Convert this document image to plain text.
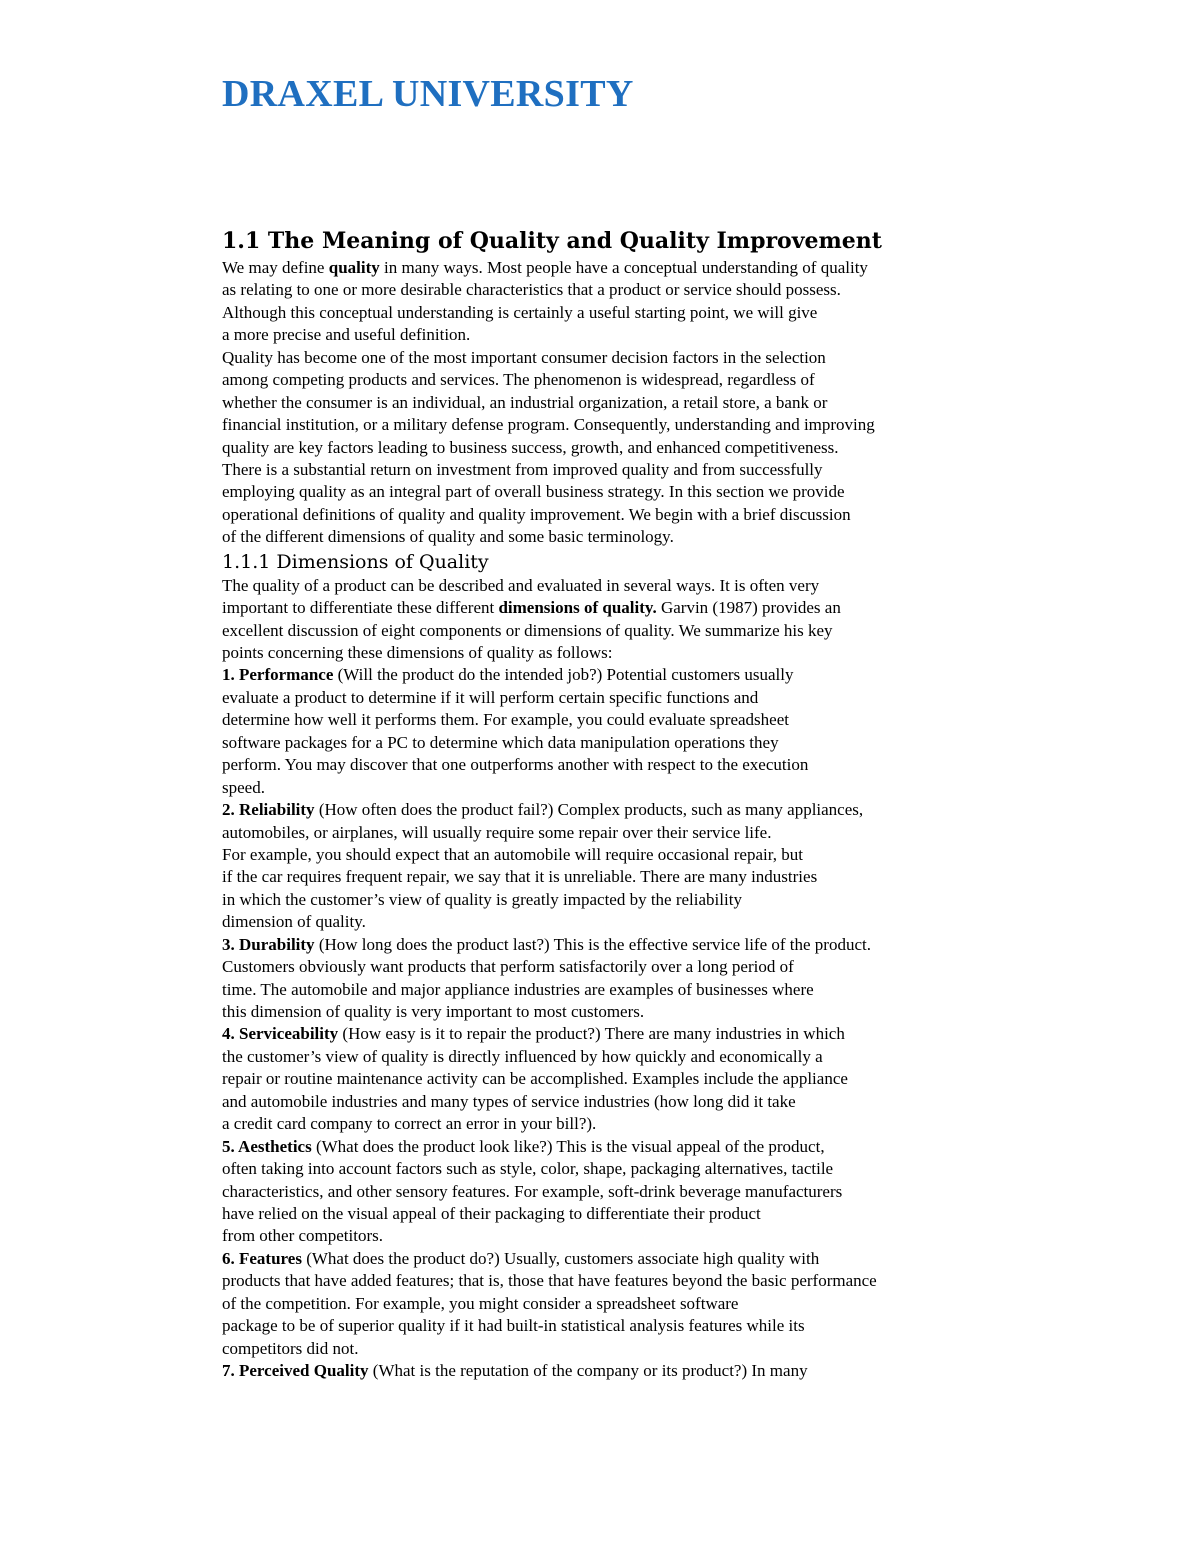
DRAXEL UNIVERSITY
1.1 The Meaning of Quality and Quality Improvement
We may define quality in many ways. Most people have a conceptual understanding of quality
as relating to one or more desirable characteristics that a product or service should possess.
Although this conceptual understanding is certainly a useful starting point, we will give
a more precise and useful definition.
Quality has become one of the most important consumer decision factors in the selection
among competing products and services. The phenomenon is widespread, regardless of
whether the consumer is an individual, an industrial organization, a retail store, a bank or
financial institution, or a military defense program. Consequently, understanding and improving
quality are key factors leading to business success, growth, and enhanced competitiveness.
There is a substantial return on investment from improved quality and from successfully
employing quality as an integral part of overall business strategy. In this section we provide
operational definitions of quality and quality improvement. We begin with a brief discussion
of the different dimensions of quality and some basic terminology.
1.1.1 Dimensions of Quality
The quality of a product can be described and evaluated in several ways. It is often very
important to differentiate these different dimensions of quality. Garvin (1987) provides an
excellent discussion of eight components or dimensions of quality. We summarize his key
points concerning these dimensions of quality as follows:
1. Performance (Will the product do the intended job?) Potential customers usually
evaluate a product to determine if it will perform certain specific functions and
determine how well it performs them. For example, you could evaluate spreadsheet
software packages for a PC to determine which data manipulation operations they
perform. You may discover that one outperforms another with respect to the execution
speed.
2. Reliability (How often does the product fail?) Complex products, such as many appliances,
automobiles, or airplanes, will usually require some repair over their service life.
For example, you should expect that an automobile will require occasional repair, but
if the car requires frequent repair, we say that it is unreliable. There are many industries
in which the customer’s view of quality is greatly impacted by the reliability
dimension of quality.
3. Durability (How long does the product last?) This is the effective service life of the product.
Customers obviously want products that perform satisfactorily over a long period of
time. The automobile and major appliance industries are examples of businesses where
this dimension of quality is very important to most customers.
4. Serviceability (How easy is it to repair the product?) There are many industries in which
the customer’s view of quality is directly influenced by how quickly and economically a
repair or routine maintenance activity can be accomplished. Examples include the appliance
and automobile industries and many types of service industries (how long did it take
a credit card company to correct an error in your bill?).
5. Aesthetics (What does the product look like?) This is the visual appeal of the product,
often taking into account factors such as style, color, shape, packaging alternatives, tactile
characteristics, and other sensory features. For example, soft-drink beverage manufacturers
have relied on the visual appeal of their packaging to differentiate their product
from other competitors.
6. Features (What does the product do?) Usually, customers associate high quality with
products that have added features; that is, those that have features beyond the basic performance
of the competition. For example, you might consider a spreadsheet software
package to be of superior quality if it had built-in statistical analysis features while its
competitors did not.
7. Perceived Quality (What is the reputation of the company or its product?) In many
